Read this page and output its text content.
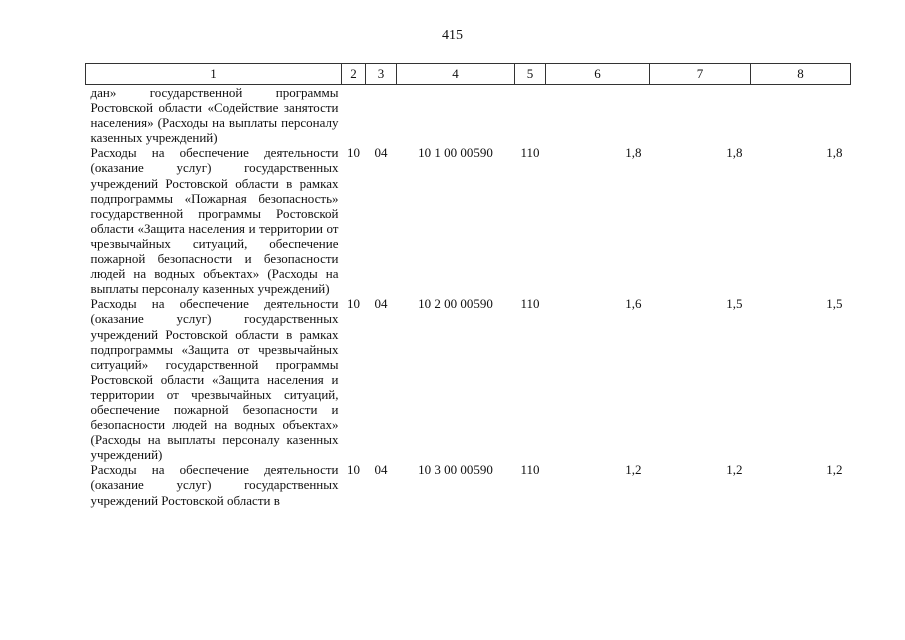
415
1	2	3	4	5	6	7	8
дан» государственной программы Ростовской области «Содействие занятости населения» (Расходы на выплаты персоналу казенных учреждений)							
Расходы на обеспечение деятельности (оказание услуг) государственных учреждений Ростовской области в рамках подпрограммы «Пожарная безопасность» государственной программы Ростовской области «Защита населения и территории от чрезвычайных ситуаций, обеспечение пожарной безопасности и безопасности людей на водных объектах» (Расходы на выплаты персоналу казенных учреждений)	10	04	10 1 00 00590	110	1,8	1,8	1,8
Расходы на обеспечение деятельности (оказание услуг) государственных учреждений Ростовской области в рамках подпрограммы «Защита от чрезвычайных ситуаций» государственной программы Ростовской области «Защита населения и территории от чрезвычайных ситуаций, обеспечение пожарной безопасности и безопасности людей на водных объектах» (Расходы на выплаты персоналу казенных учреждений)	10	04	10 2 00 00590	110	1,6	1,5	1,5
Расходы на обеспечение деятельности (оказание услуг) государственных учреждений Ростовской области в	10	04	10 3 00 00590	110	1,2	1,2	1,2
